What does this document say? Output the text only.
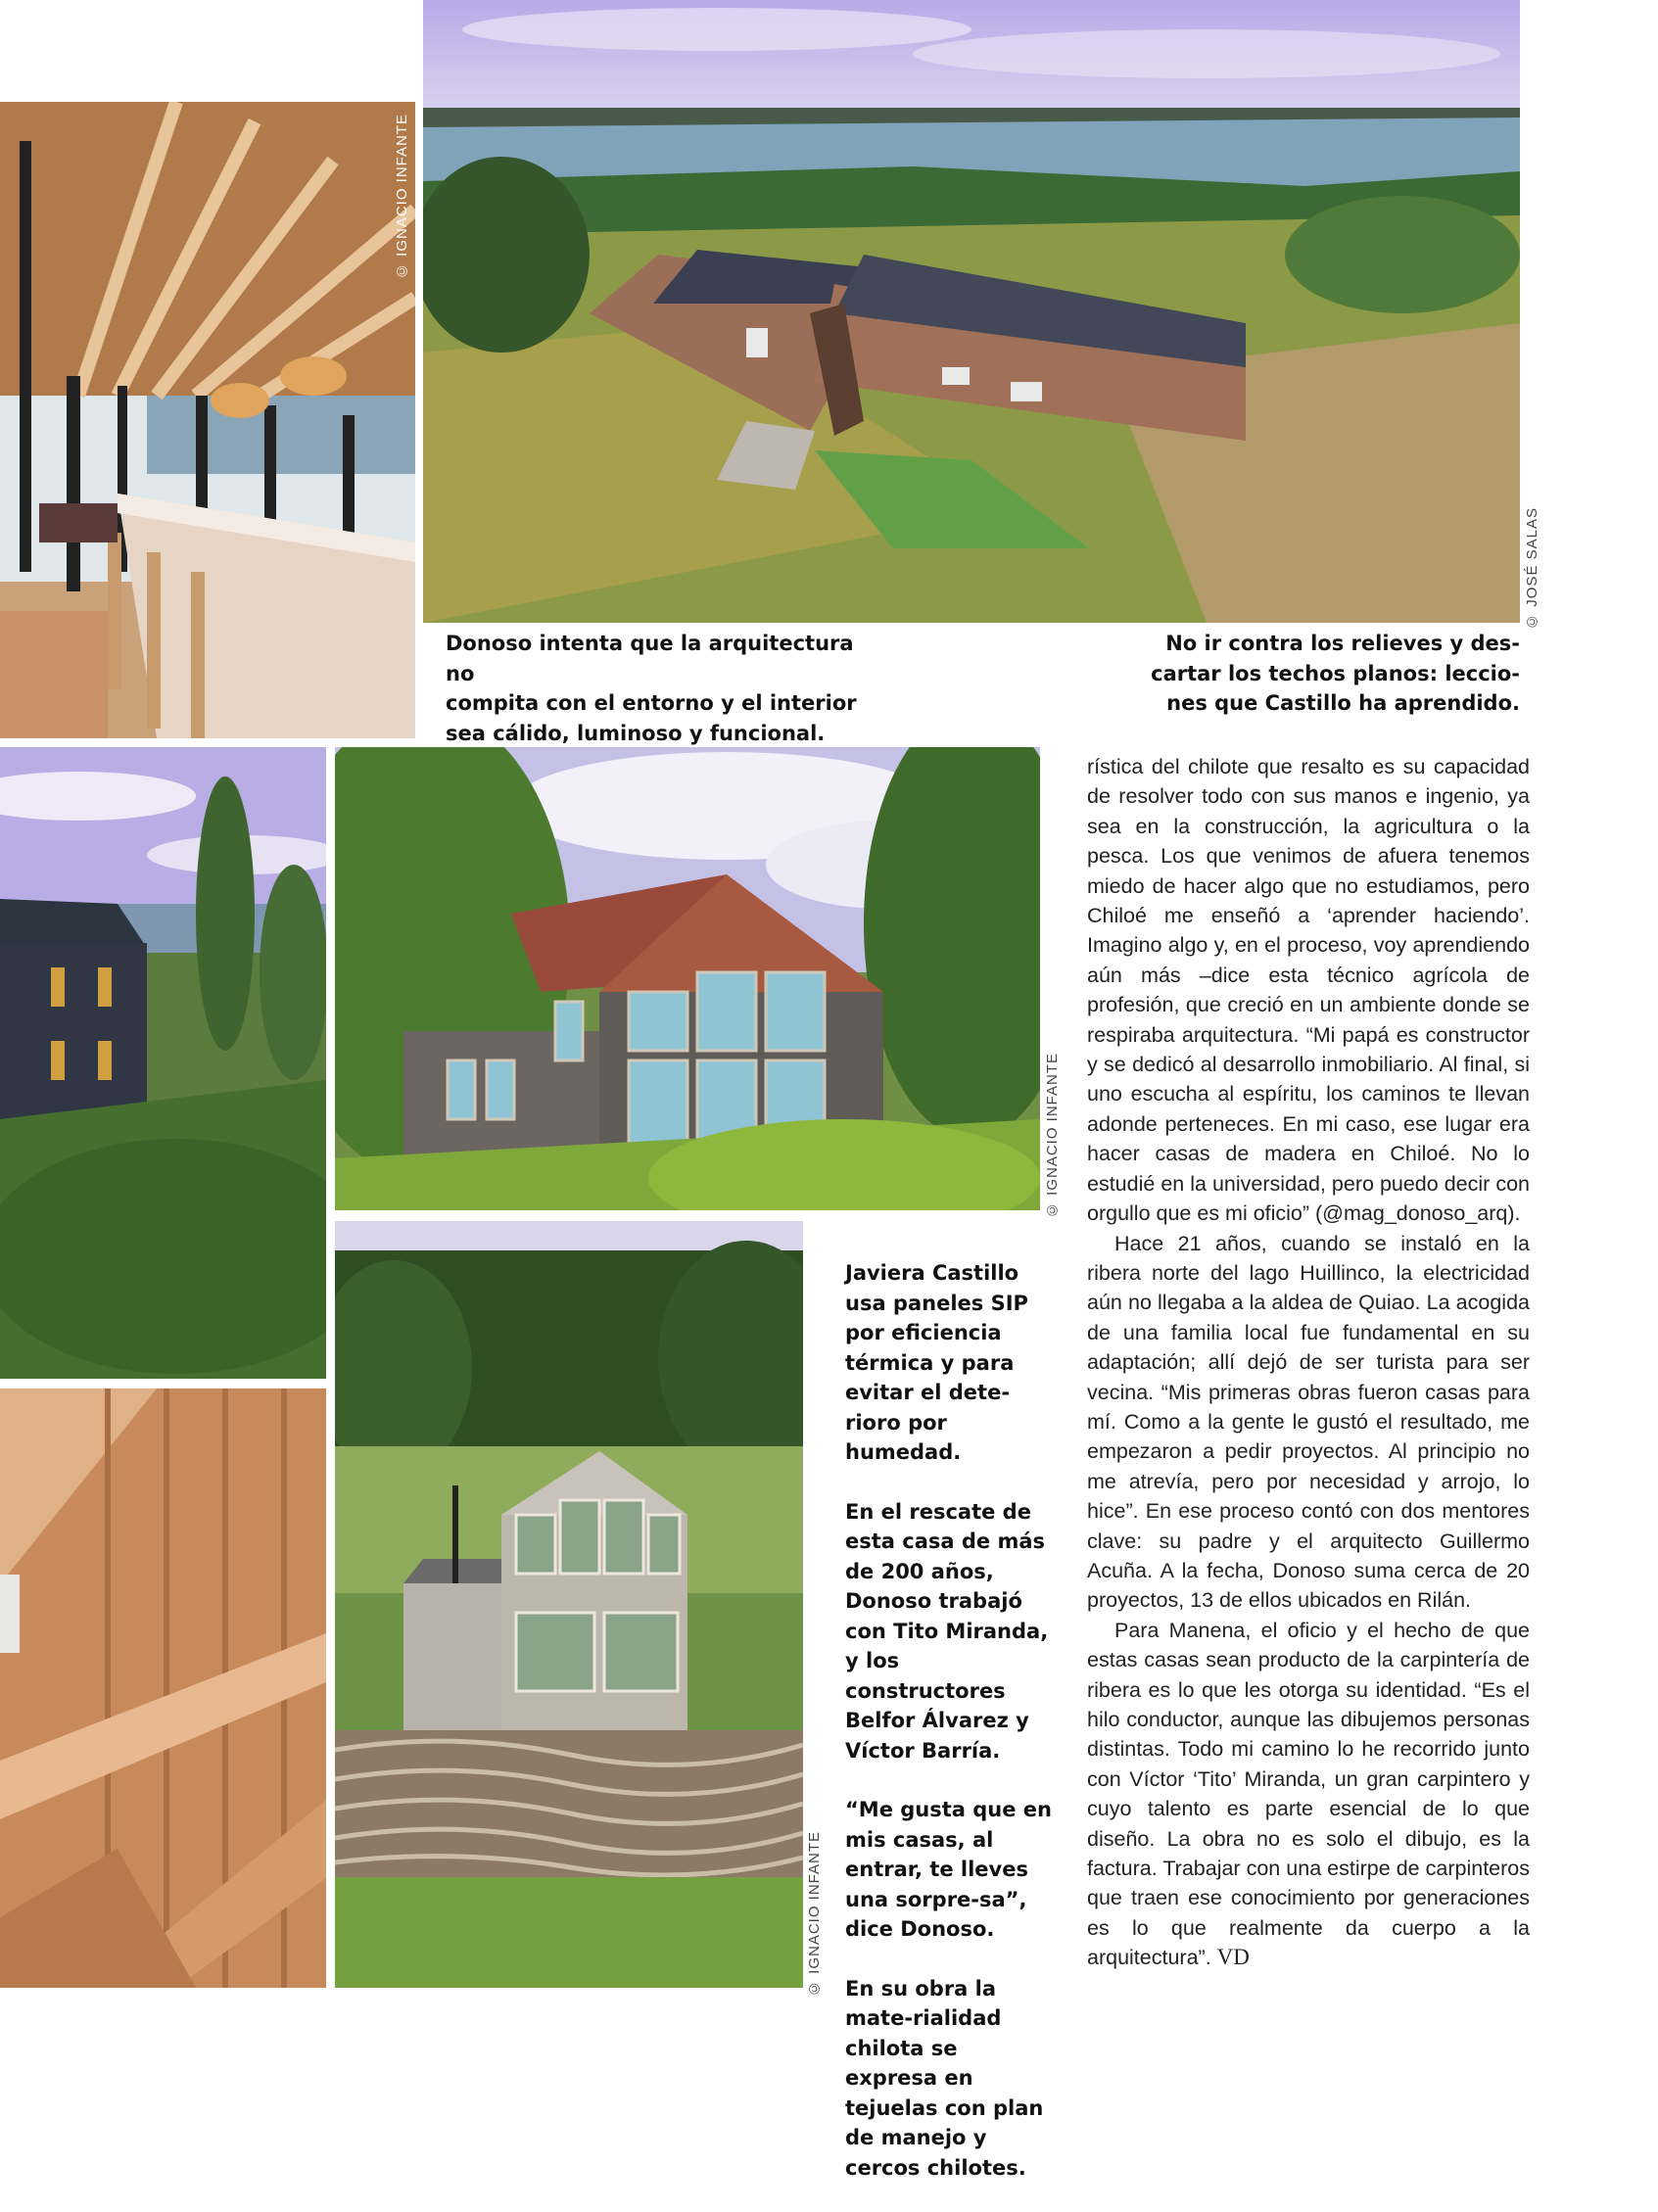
© IGNACIO INFANTE
© JOSÉ SALAS
Donoso intenta que la arquitectura no
compita con el entorno y el interior
sea cálido, luminoso y funcional.
No ir contra los relieves y des-
cartar los techos planos: leccio-
nes que Castillo ha aprendido.
© IGNACIO INFANTE
© IGNACIO INFANTE

Javiera Castillo usa paneles SIP por eficiencia térmica y para evitar el dete-rioro por humedad.

En el rescate de esta casa de más de 200 años, Donoso trabajó con Tito Miranda, y los constructores Belfor Álvarez y Víctor Barría.

“Me gusta que en mis casas, al entrar, te lleves una sorpre-sa”, dice Donoso.

En su obra la mate-rialidad chilota se expresa en tejuelas con plan de manejo y cercos chilotes.

rística del chilote que resalto es su capacidad de resolver todo con sus manos e ingenio, ya sea en la construcción, la agricultura o la pesca. Los que venimos de afuera tenemos miedo de hacer algo que no estudiamos, pero Chiloé me enseñó a ‘aprender haciendo’. Imagino algo y, en el proceso, voy aprendiendo aún más –dice esta técnico agrícola de profesión, que creció en un ambiente donde se respiraba arquitectura. “Mi papá es constructor y se dedicó al desarrollo inmobiliario. Al final, si uno escucha al espíritu, los caminos te llevan adonde perteneces. En mi caso, ese lugar era hacer casas de madera en Chiloé. No lo estudié en la universidad, pero puedo decir con orgullo que es mi oficio” (@mag_donoso_arq).

Hace 21 años, cuando se instaló en la ribera norte del lago Huillinco, la electricidad aún no llegaba a la aldea de Quiao. La acogida de una familia local fue fundamental en su adaptación; allí dejó de ser turista para ser vecina. “Mis primeras obras fueron casas para mí. Como a la gente le gustó el resultado, me empezaron a pedir proyectos. Al principio no me atrevía, pero por necesidad y arrojo, lo hice”. En ese proceso contó con dos mentores clave: su padre y el arquitecto Guillermo Acuña. A la fecha, Donoso suma cerca de 20 proyectos, 13 de ellos ubicados en Rilán.

Para Manena, el oficio y el hecho de que estas casas sean producto de la carpintería de ribera es lo que les otorga su identidad. “Es el hilo conductor, aunque las dibujemos personas distintas. Todo mi camino lo he recorrido junto con Víctor ‘Tito’ Miranda, un gran carpintero y cuyo talento es parte esencial de lo que diseño. La obra no es solo el dibujo, es la factura. Trabajar con una estirpe de carpinteros que traen ese conocimiento por generaciones es lo que realmente da cuerpo a la arquitectura”. VD
